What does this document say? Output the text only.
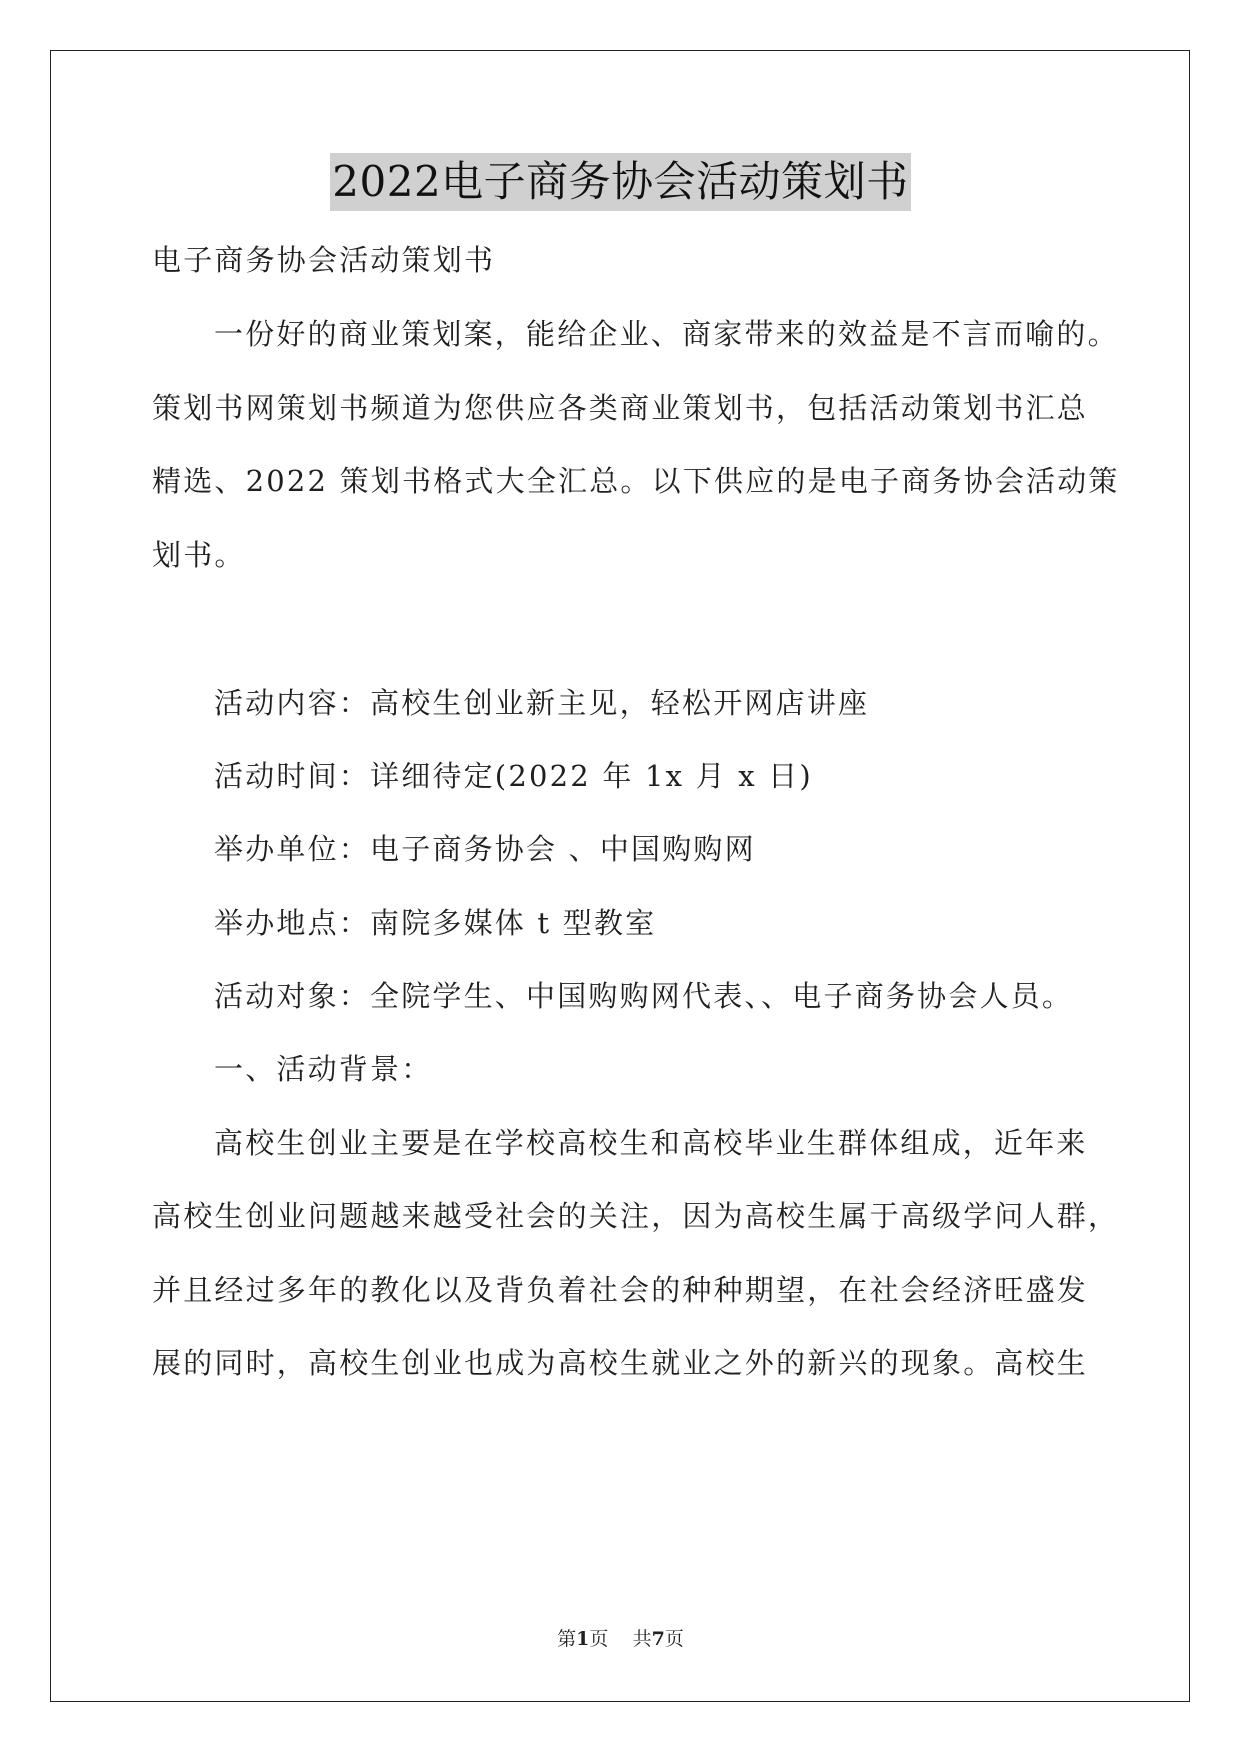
2022电子商务协会活动策划书
电子商务协会活动策划书
一份好的商业策划案，能给企业、商家带来的效益是不言而喻的。
策划书网策划书频道为您供应各类商业策划书，包括活动策划书汇总
精选、2022 策划书格式大全汇总。以下供应的是电子商务协会活动策
划书。
活动内容：高校生创业新主见，轻松开网店讲座
活动时间：详细待定(2022 年 1x 月 x 日)
举办单位：电子商务协会 、中国购购网
举办地点：南院多媒体 t 型教室
活动对象：全院学生、中国购购网代表、、电子商务协会人员。
一、活动背景：
高校生创业主要是在学校高校生和高校毕业生群体组成，近年来
高校生创业问题越来越受社会的关注，因为高校生属于高级学问人群，
并且经过多年的教化以及背负着社会的种种期望，在社会经济旺盛发
展的同时，高校生创业也成为高校生就业之外的新兴的现象。高校生
第1页 共7页
